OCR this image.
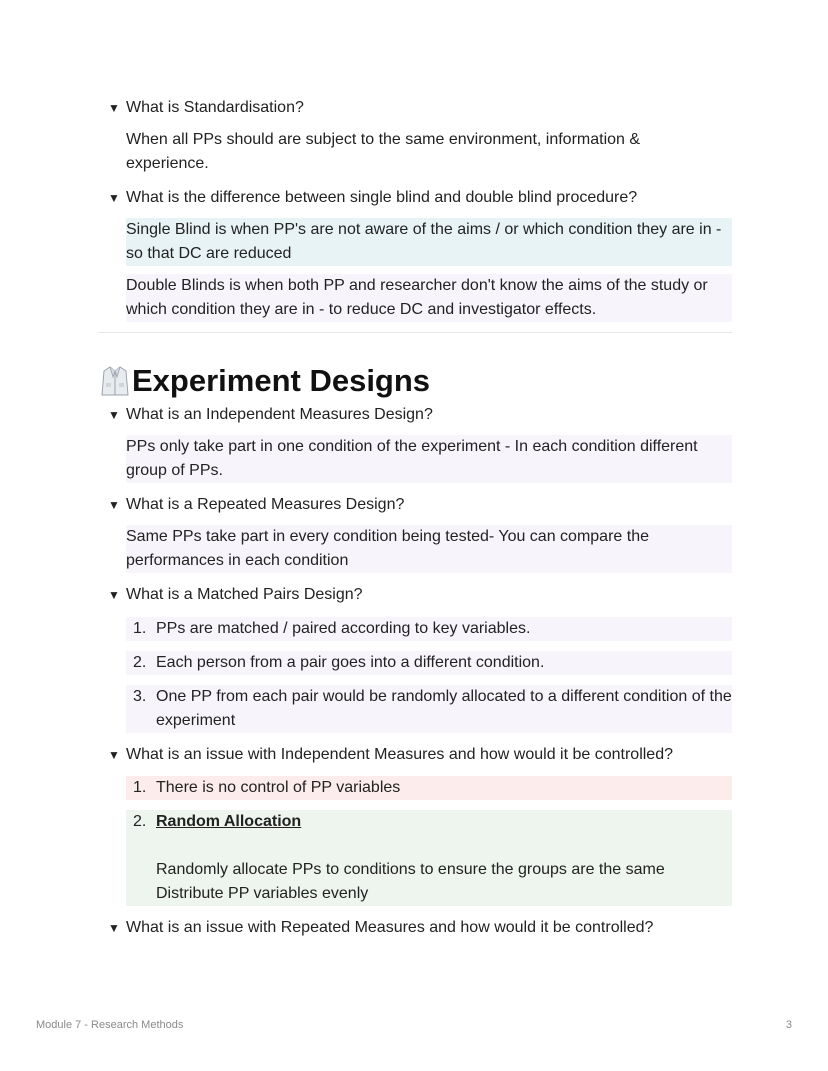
▼ What is Standardisation?
When all PPs should are subject to the same environment, information & experience.
▼ What is the difference between single blind and double blind procedure?
Single Blind is when PP's are not aware of the aims / or which condition they are in - so that DC are reduced
Double Blinds is when both PP and researcher don't know the aims of the study or which condition they are in - to reduce DC and investigator effects.
Experiment Designs
▼ What is an Independent Measures Design?
PPs only take part in one condition of the experiment - In each condition different group of PPs.
▼ What is a Repeated Measures Design?
Same PPs take part in every condition being tested- You can compare the performances in each condition
▼ What is a Matched Pairs Design?
1. PPs are matched / paired according to key variables.
2. Each person from a pair goes into a different condition.
3. One PP from each pair would be randomly allocated to a different condition of the experiment
▼ What is an issue with Independent Measures and how would it be controlled?
1. There is no control of PP variables
2. Random Allocation
Randomly allocate PPs to conditions to ensure the groups are the same
Distribute PP variables evenly
▼ What is an issue with Repeated Measures and how would it be controlled?
Module 7 - Research Methods	3
